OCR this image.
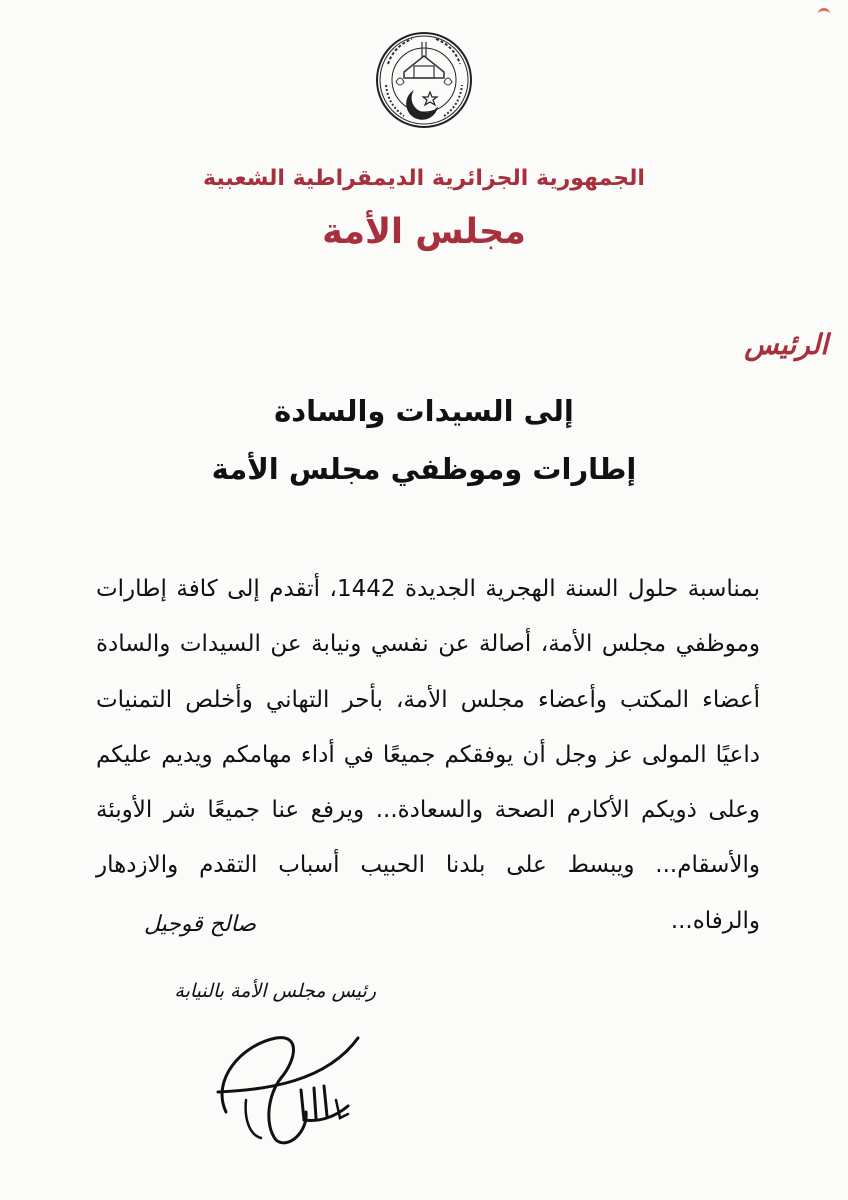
الجمهورية الجزائرية الديمقراطية الشعبية
مجلس الأمة
الرئيس
إلى السيدات والسادة
إطارات وموظفي مجلس الأمة
بمناسبة حلول السنة الهجرية الجديدة 1442، أتقدم إلى كافة إطارات وموظفي مجلس الأمة، أصالة عن نفسي ونيابة عن السيدات والسادة أعضاء المكتب وأعضاء مجلس الأمة، بأحر التهاني وأخلص التمنيات داعيًا المولى عز وجل أن يوفقكم جميعًا في أداء مهامكم ويديم عليكم وعلى ذويكم الأكارم الصحة والسعادة... ويرفع عنا جميعًا شر الأوبئة والأسقام... ويبسط على بلدنا الحبيب أسباب التقدم والازدهار والرفاه...
صالح قوجيل
رئيس مجلس الأمة بالنيابة
